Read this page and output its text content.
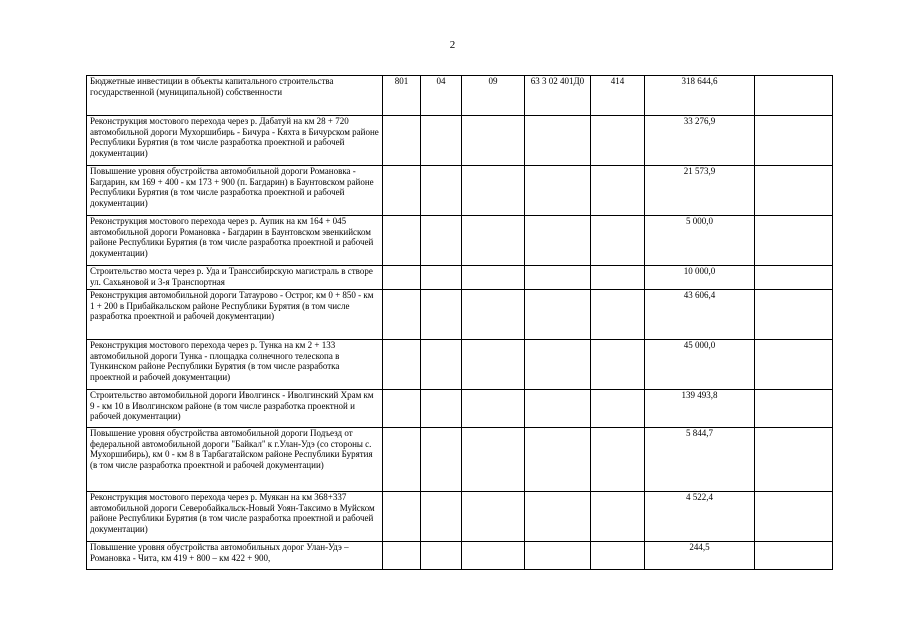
2
Бюджетные инвестиции в объекты капитального строительства государственной (муниципальной) собственности	801	04	09	63 3 02 401Д0	414	318 644,6	
Реконструкция мостового перехода через р. Дабатуй на км 28 + 720 автомобильной дороги Мухоршибирь - Бичура - Кяхта в Бичурском районе Республики Бурятия (в том числе разработка проектной и рабочей документации)						33 276,9	
Повышение уровня обустройства автомобильной дороги Романовка - Багдарин, км 169 + 400 - км 173 + 900 (п. Багдарин) в Баунтовском районе Республики Бурятия (в том числе разработка проектной и рабочей документации)						21 573,9	
Реконструкция мостового перехода через р. Аупик на км 164 + 045 автомобильной дороги Романовка - Багдарин в Баунтовском эвенкийском районе Республики Бурятия (в том числе разработка проектной и рабочей документации)						5 000,0	
Строительство моста через р. Уда и Транссибирскую магистраль в створе ул. Сахьяновой и 3-я Транспортная						10 000,0	
Реконструкция автомобильной дороги Татаурово - Острог, км 0 + 850 - км 1 + 200 в Прибайкальском районе Республики Бурятия (в том числе разработка проектной и рабочей документации)						43 606,4	
Реконструкция мостового перехода через р. Тунка на км 2 + 133 автомобильной дороги Тунка - площадка солнечного телескопа в Тункинском районе Республики Бурятия (в том числе разработка проектной и рабочей документации)						45 000,0	
Строительство автомобильной дороги Иволгинск - Иволгинский Храм км 9 - км 10 в Иволгинском районе (в том числе разработка проектной и рабочей документации)						139 493,8	
Повышение уровня обустройства автомобильной дороги Подъезд от федеральной автомобильной дороги "Байкал" к г.Улан-Удэ (со стороны с. Мухоршибирь), км 0 - км 8 в Тарбагатайском районе Республики Бурятия (в том числе разработка проектной и рабочей документации)						5 844,7	
Реконструкция мостового перехода через р. Муякан на км 368+337 автомобильной дороги Северобайкальск-Новый Уоян-Таксимо в Муйском районе Республики Бурятия (в том числе разработка проектной и рабочей документации)						4 522,4	
Повышение уровня обустройства автомобильных дорог Улан-Удэ – Романовка - Чита, км 419 + 800 – км 422 + 900,						244,5	
